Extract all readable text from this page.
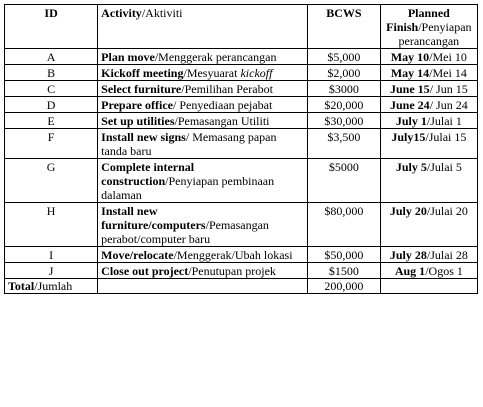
ID	Activity/Aktiviti	BCWS	Planned Finish/Penyiapan perancangan
A	Plan move/Menggerak perancangan	$5,000	May 10/Mei 10
B	Kickoff meeting/Mesyuarat kickoff	$2,000	May 14/Mei 14
C	Select furniture/Pemilihan Perabot	$3000	June 15/ Jun 15
D	Prepare office/ Penyediaan pejabat	$20,000	June 24/ Jun 24
E	Set up utilities/Pemasangan Utiliti	$30,000	July 1/Julai 1
F	Install new signs/ Memasang papan tanda baru	$3,500	July15/Julai 15
G	Complete internal construction/Penyiapan pembinaan dalaman	$5000	July 5/Julai 5
H	Install new furniture/computers/Pemasangan perabot/computer baru	$80,000	July 20/Julai 20
I	Move/relocate/Menggerak/Ubah lokasi	$50,000	July 28/Julai 28
J	Close out project/Penutupan projek	$1500	Aug 1/Ogos 1
Total/Jumlah		200,000	
